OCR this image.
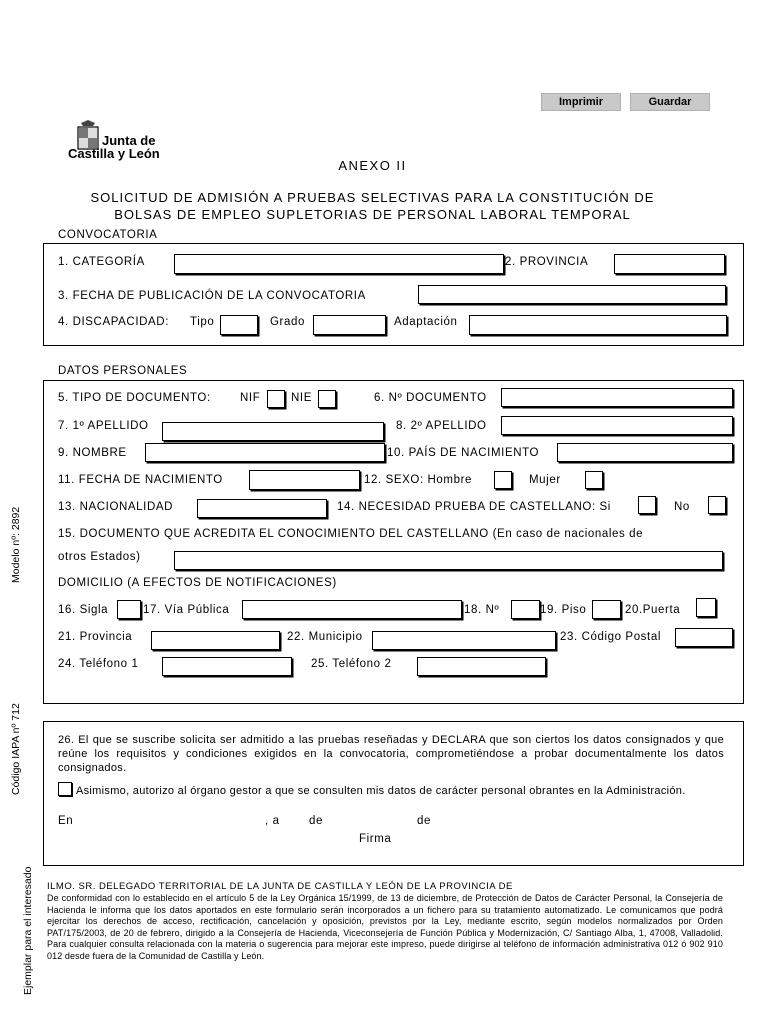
Imprimir	Guardar
Junta de
Castilla y León
ANEXO II
SOLICITUD DE ADMISIÓN A PRUEBAS SELECTIVAS PARA LA CONSTITUCIÓN DE
BOLSAS DE EMPLEO SUPLETORIAS DE PERSONAL LABORAL TEMPORAL
Modelo nº: 2892
Código IAPA nº 712
Ejemplar para el interesado
CONVOCATORIA
1. CATEGORÍA	2. PROVINCIA
3. FECHA DE PUBLICACIÓN DE LA CONVOCATORIA
4. DISCAPACIDAD: Tipo	Grado	Adaptación
DATOS PERSONALES
5. TIPO DE DOCUMENTO:	NIF	NIE	6. Nº DOCUMENTO
7. 1º APELLIDO	8. 2º APELLIDO
9. NOMBRE	10. PAÍS DE NACIMIENTO
11. FECHA DE NACIMIENTO	12. SEXO: Hombre	Mujer
13. NACIONALIDAD	14. NECESIDAD PRUEBA DE CASTELLANO: Si	No
15. DOCUMENTO QUE ACREDITA EL CONOCIMIENTO DEL CASTELLANO (En caso de nacionales de
otros Estados)
DOMICILIO (A EFECTOS DE NOTIFICACIONES)
16. Sigla	17. Vía Pública	18. Nº	19. Piso	20.Puerta
21. Provincia	22. Municipio	23. Código Postal
24. Teléfono 1	25. Teléfono 2
26. El que se suscribe solicita ser admitido a las pruebas reseñadas y DECLARA que son ciertos los datos consignados y que reúne los requisitos y condiciones exigidos en la convocatoria, comprometiéndose a probar documentalmente los datos consignados.
Asimismo, autorizo al órgano gestor a que se consulten mis datos de carácter personal obrantes en la Administración.
En	, a	de	de
Firma
ILMO. SR. DELEGADO TERRITORIAL DE LA JUNTA DE CASTILLA Y LEÓN DE LA PROVINCIA DE
De conformidad con lo establecido en el artículo 5 de la Ley Orgánica 15/1999, de 13 de diciembre, de Protección de Datos de Carácter Personal, la Consejería de Hacienda le informa que los datos aportados en este formulario serán incorporados a un fichero para su tratamiento automatizado. Le comunicamos que podrá ejercitar los derechos de acceso, rectificación, cancelación y oposición, previstos por la Ley, mediante escrito, según modelos normalizados por Orden PAT/175/2003, de 20 de febrero, dirigido a la Consejería de Hacienda, Viceconsejería de Función Pública y Modernización, C/ Santiago Alba, 1, 47008, Valladolid. Para cualquier consulta relacionada con la materia o sugerencia para mejorar este impreso, puede dirigirse al teléfono de información administrativa 012 ó 902 910 012 desde fuera de la Comunidad de Castilla y León.
